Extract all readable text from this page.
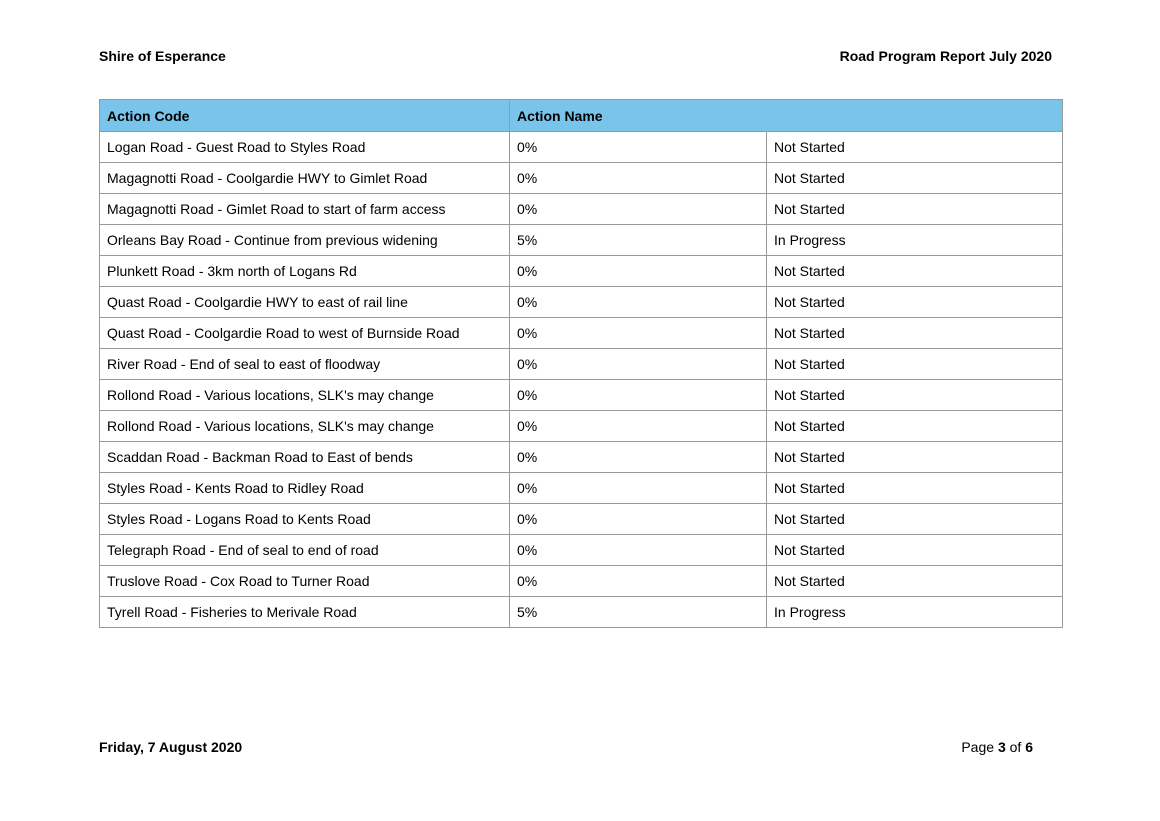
Shire of Esperance	Road Program Report July 2020
Action Code	Action Name	
Logan Road - Guest Road to Styles Road	0%	Not Started
Magagnotti Road - Coolgardie HWY to Gimlet Road	0%	Not Started
Magagnotti Road - Gimlet Road to start of farm access	0%	Not Started
Orleans Bay Road - Continue from previous widening	5%	In Progress
Plunkett Road - 3km north of Logans Rd	0%	Not Started
Quast Road - Coolgardie HWY to east of rail line	0%	Not Started
Quast Road - Coolgardie Road to west of Burnside Road	0%	Not Started
River Road - End of seal to east of floodway	0%	Not Started
Rollond Road - Various locations, SLK's may change	0%	Not Started
Rollond Road - Various locations, SLK's may change	0%	Not Started
Scaddan Road - Backman Road to East of bends	0%	Not Started
Styles Road - Kents Road to Ridley Road	0%	Not Started
Styles Road - Logans Road to Kents Road	0%	Not Started
Telegraph Road - End of seal to end of road	0%	Not Started
Truslove Road - Cox Road to Turner Road	0%	Not Started
Tyrell Road - Fisheries to Merivale Road	5%	In Progress
Friday, 7 August 2020	Page 3 of 6
